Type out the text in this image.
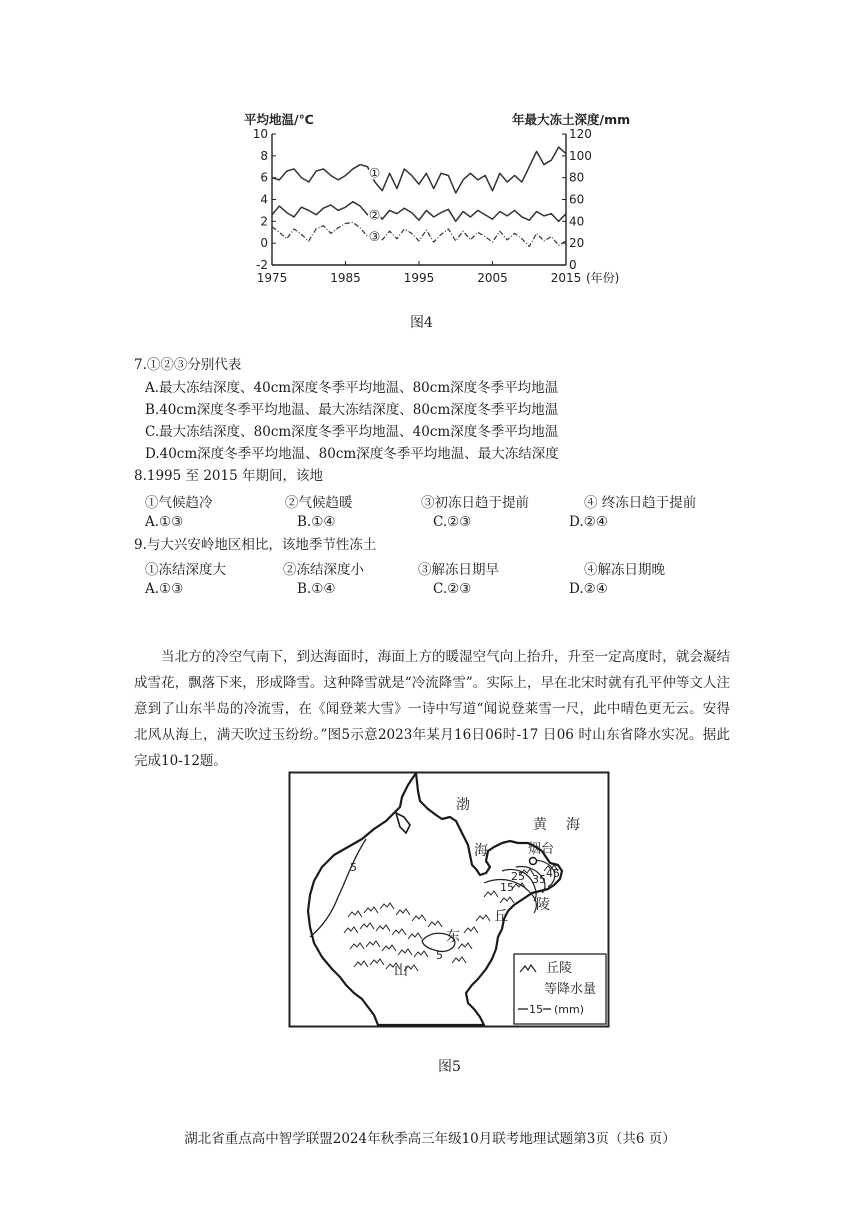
10
8
6
4
2
0
-2
120
100
80
60
40
20
0
1975	1985	1995	2005	2015 (年份)
平均地温/℃	年最大冻土深度/mm
①
②
③
图4
7.①②③分别代表
A.最大冻结深度、40cm深度冬季平均地温、80cm深度冬季平均地温
B.40cm深度冬季平均地温、最大冻结深度、80cm深度冬季平均地温
C.最大冻结深度、80cm深度冬季平均地温、40cm深度冬季平均地温
D.40cm深度冬季平均地温、80cm深度冬季平均地温、最大冻结深度
8.1995 至 2015 年期间，该地
①气候趋冷	②气候趋暖	③初冻日趋于提前	④ 终冻日趋于提前
A.①③	B.①④	C.②③	D.②④
9.与大兴安岭地区相比，该地季节性冻土
①冻结深度大	②冻结深度小	③解冻日期早	④解冻日期晚
A.①③	B.①④	C.②③	D.②④
当北方的冷空气南下，到达海面时，海面上方的暖湿空气向上抬升，升至一定高度时，就会凝结成雪花，飘落下来，形成降雪。这种降雪就是“冷流降雪”。实际上，早在北宋时就有孔平仲等文人注意到了山东半岛的冷流雪，在《闻登莱大雪》一诗中写道“闻说登莱雪一尺，此中晴色更无云。安得北风从海上，满天吹过玉纷纷。”图5示意2023年某月16日06时-17 日06 时山东省降水实况。据此完成10-12题。
渤
海
黄 海
烟台
陵
丘
东
山
5
5
15
25 35 45
丘陵
等降水量
15 (mm)
图5
湖北省重点高中智学联盟2024年秋季高三年级10月联考地理试题第3页（共6 页）
